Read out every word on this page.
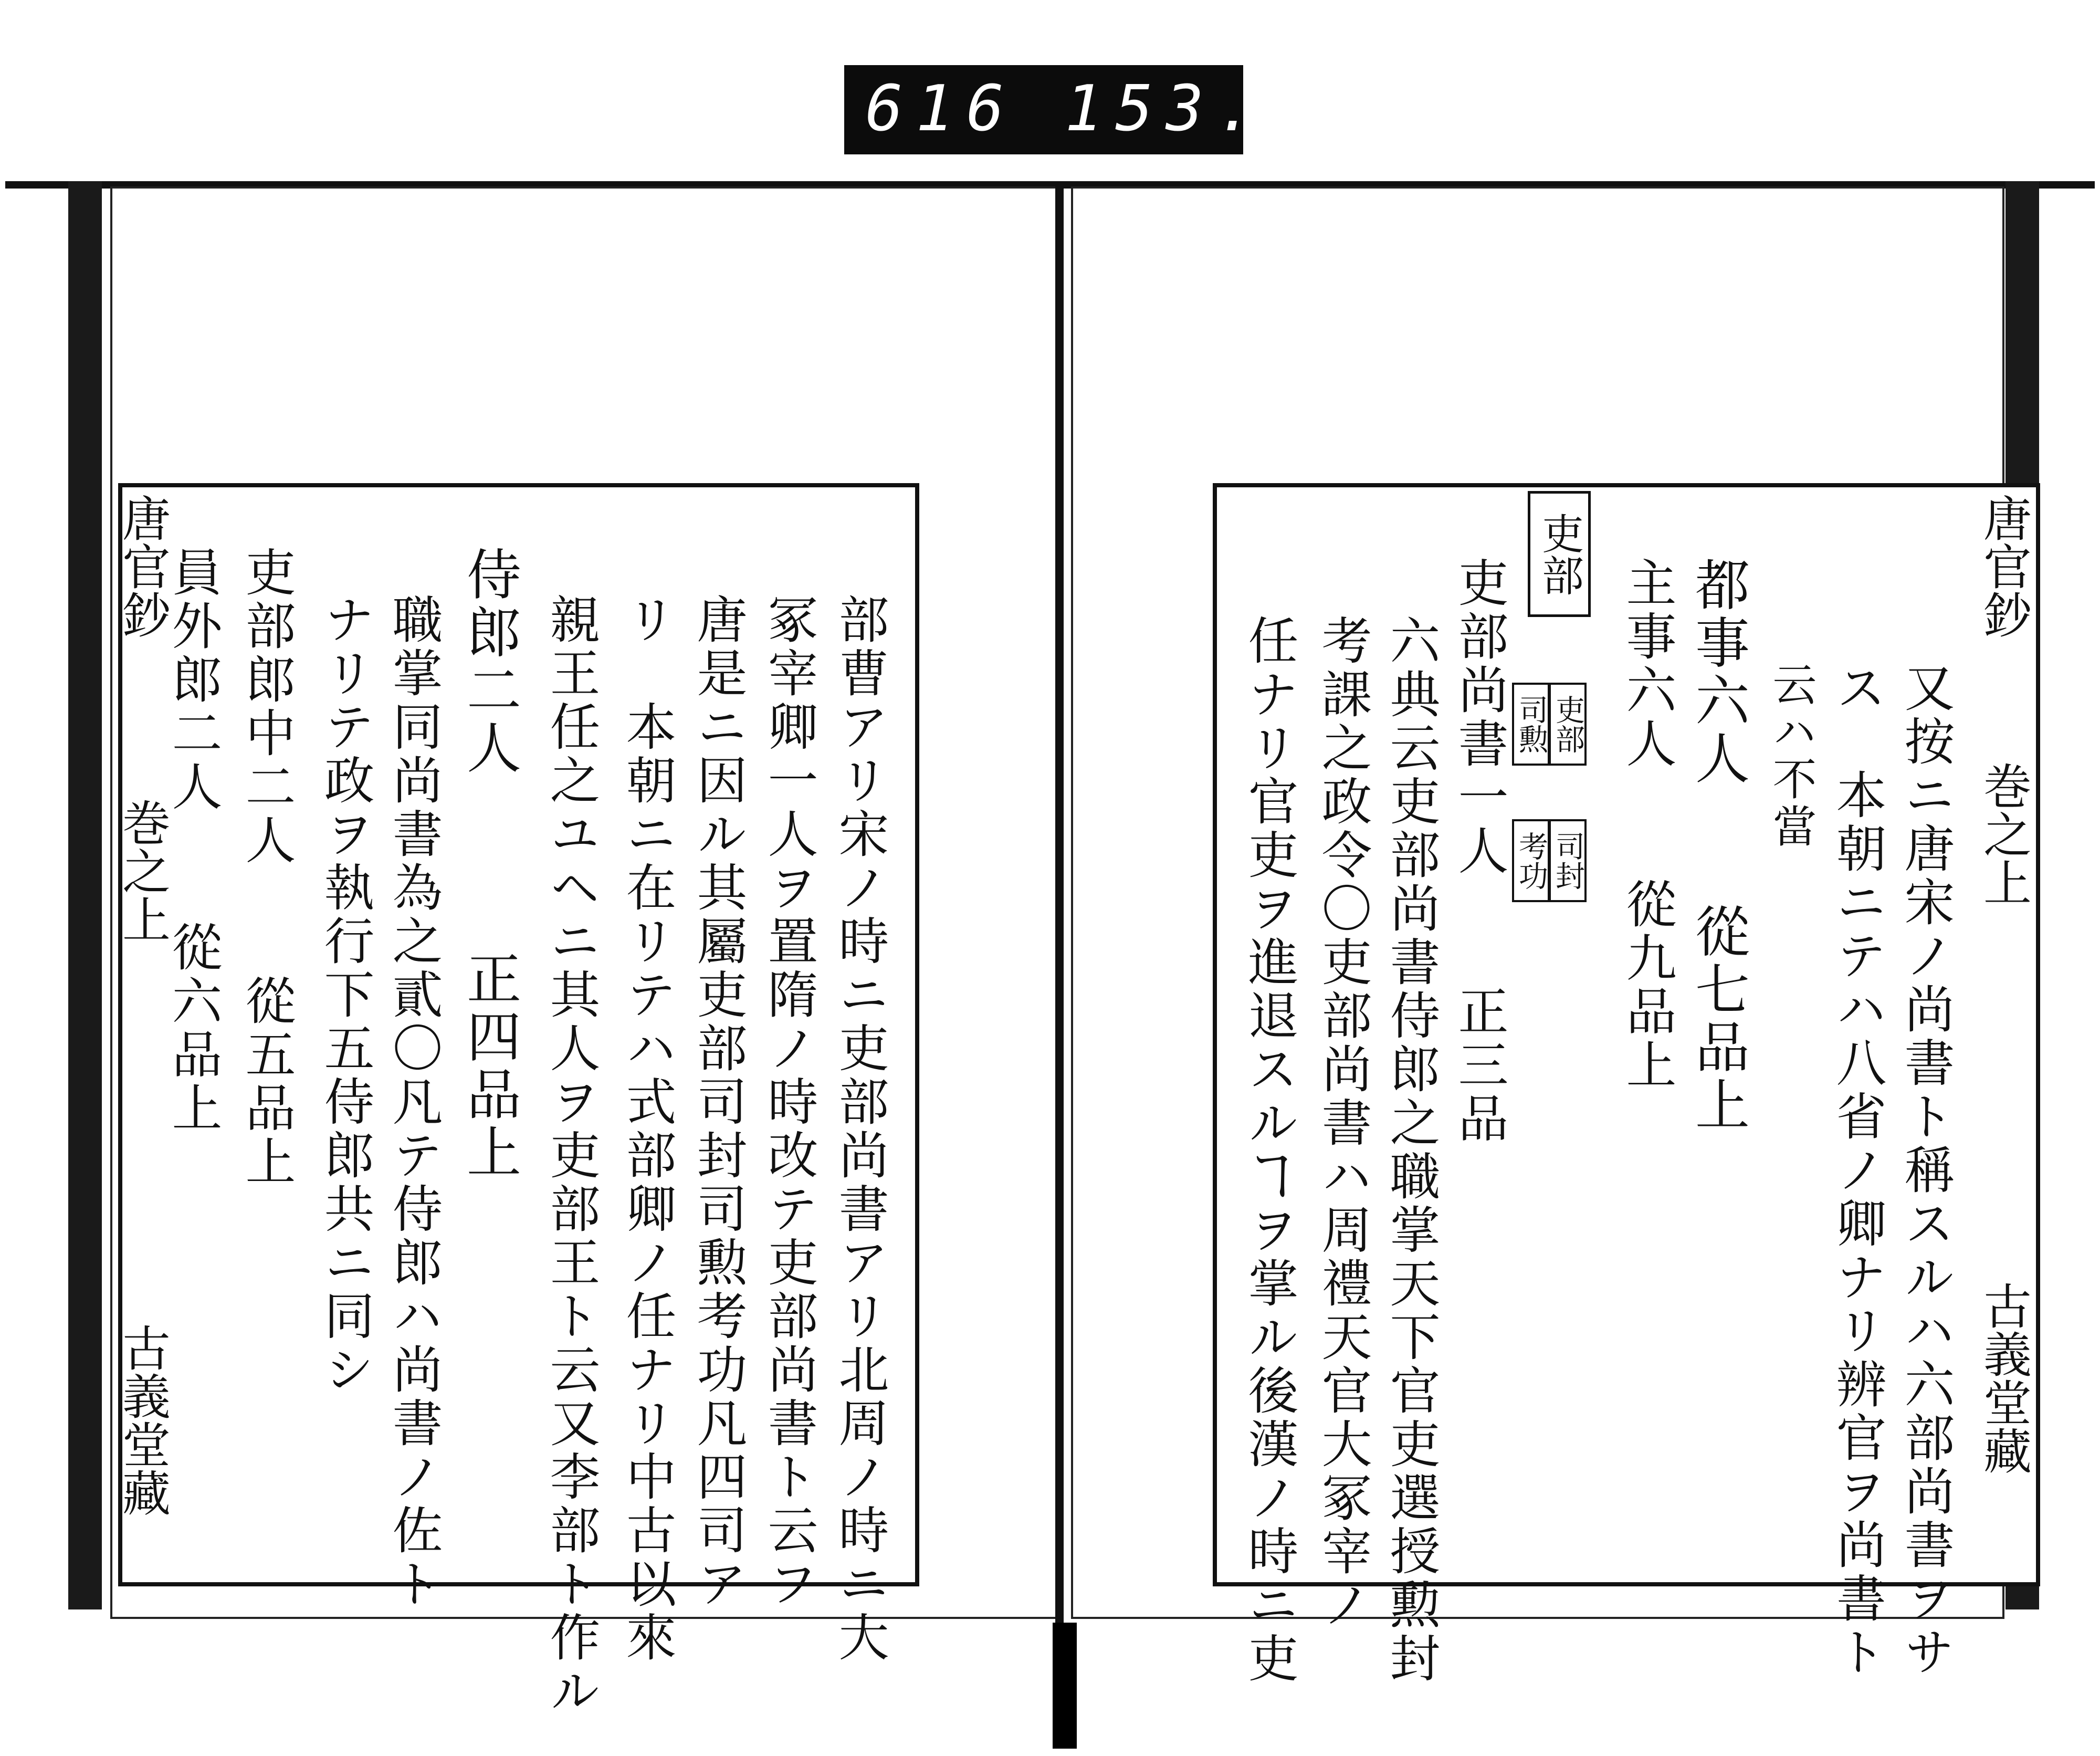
616 153.
唐官鈔
巻之上
古義堂藏	部曹アリ宋ノ時ニ吏部尚書アリ北周ノ時ニ大
冢宰卿一人ヲ置隋ノ時改テ吏部尚書ト云フ
唐是ニ因ル其屬吏部司封司勲考功凡四司ア
リ　本朝ニ在リテハ式部卿ノ任ナリ中古以來
親王任之ユヘニ其人ヲ吏部王ト云又李部ト作ル
侍郎二人　　　正四品上
職掌同尚書為之貳〇凡テ侍郎ハ尚書ノ佐ト
ナリテ政ヲ執行下五侍郎共ニ同シ
吏部郎中二人　　從五品上
員外郎二人　　從六品上	唐官鈔
巻之上
古義堂藏
吏部
吏部
司勲
司封
考功	又按ニ唐宋ノ尚書ト稱スルハ六部尚書ヲサ
ス　本朝ニテハ八省ノ卿ナリ辨官ヲ尚書ト
云ハ不當
都事六人　　從七品上
主事六人　　從九品上
吏部尚書一人　　正三品
六典云吏部尚書侍郎之職掌天下官吏選授勲封
考課之政令〇吏部尚書ハ周禮天官大冢宰ノ
任ナリ官吏ヲ進退スルヿヲ掌ル後漢ノ時ニ吏
